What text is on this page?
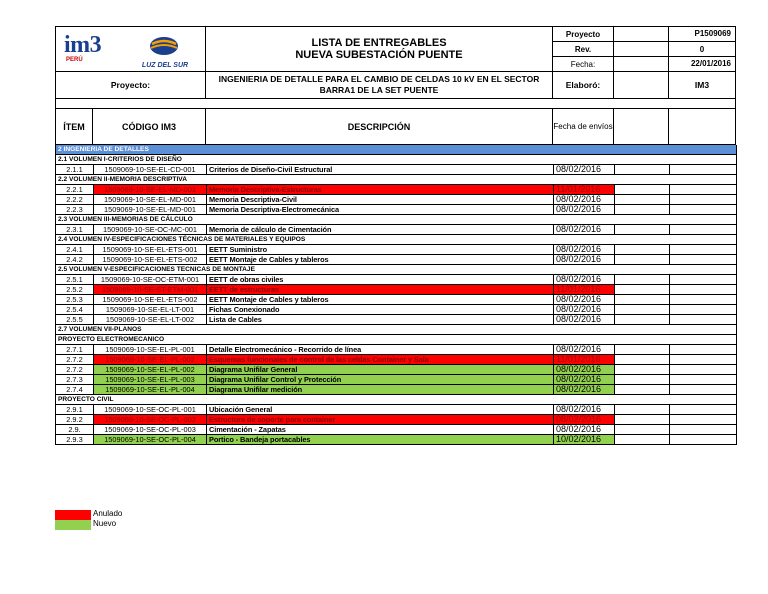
im3
PERÚ
LUZ DEL SUR
LISTA DE ENTREGABLES
NUEVA SUBESTACIÓN PUENTE
Proyecto	P1509069
Rev.	0
Fecha:	22/01/2016
Proyecto:
INGENIERIA DE DETALLE PARA EL CAMBIO DE CELDAS 10 kV EN EL SECTOR BARRA1 DE LA SET PUENTE	Elaboró:	IM3
ÍTEM	CÓDIGO IM3	DESCRIPCIÓN	Fecha de envíos
2 INGENIERIA DE DETALLES					
2.1 VOLUMEN I-CRITERIOS DE DISEÑO					
2.1.1	1509069-10-SE-EL-CD-001	Criterios de Diseño-Civil Estructural	08/02/2016		
2.2 VOLUMEN II-MEMORIA DESCRIPTIVA					
2.2.1	1509069-10-SE-EL-MD-001	Memoria Descriptiva-Estructuras	11/01/2016		
2.2.2	1509069-10-SE-EL-MD-001	Memoria Descriptiva-Civil	08/02/2016		
2.2.3	1509069-10-SE-EL-MD-001	Memoria Descriptiva-Electromecánica	08/02/2016		
2.3 VOLUMEN III-MEMORIAS DE CÁLCULO					
2.3.1	1509069-10-SE-OC-MC-001	Memoria de cálculo de Cimentación	08/02/2016		
2.4 VOLUMEN IV-ESPECIFICACIONES TÉCNICAS DE MATERIALES Y EQUIPOS					
2.4.1	1509069-10-SE-EL-ETS-001	EETT Suministro	08/02/2016		
2.4.2	1509069-10-SE-EL-ETS-002	EETT Montaje de Cables y tableros	08/02/2016		
2.5 VOLUMEN V-ESPECIFICACIONES TECNICAS DE MONTAJE					
2.5.1	1509069-10-SE-OC-ETM-001	EETT de obras civiles	08/02/2016		
2.5.2	1509069-10-SE-ST-ETM-001	EETT de estructuras	11/01/2016		
2.5.3	1509069-10-SE-EL-ETS-002	EETT Montaje de Cables y tableros	08/02/2016		
2.5.4	1509069-10-SE-EL-LT-001	Fichas Conexionado	08/02/2016		
2.5.5	1509069-10-SE-EL-LT-002	Lista de Cables	08/02/2016		
2.7 VOLUMEN VII-PLANOS					
PROYECTO ELECTROMECANICO					
2.7.1	1509069-10-SE-EL-PL-001	Detalle Electromecánico - Recorrido de línea	08/02/2016		
2.7.2	1509069-10-SE-EL-PL-002	Esquemas funcionales de control de las celdas Container y Sala	11/01/2016		
2.7.2	1509069-10-SE-EL-PL-002	Diagrama Unifilar General	08/02/2016		
2.7.3	1509069-10-SE-EL-PL-003	Diagrama Unifilar Control y Protección	08/02/2016		
2.7.4	1509069-10-SE-EL-PL-004	Diagrama Unifilar medición	08/02/2016		
PROYECTO CIVIL					
2.9.1	1509069-10-SE-OC-PL-001	Ubicación General	08/02/2016		
2.9.2	1509069-10-SE-OC-PL-002	Estructura de soporte para container	08/02/2016		
2.9.	1509069-10-SE-OC-PL-003	Cimentación - Zapatas	08/02/2016		
2.9.3	1509069-10-SE-OC-PL-004	Portico - Bandeja portacables	10/02/2016		
Anulado
Nuevo
